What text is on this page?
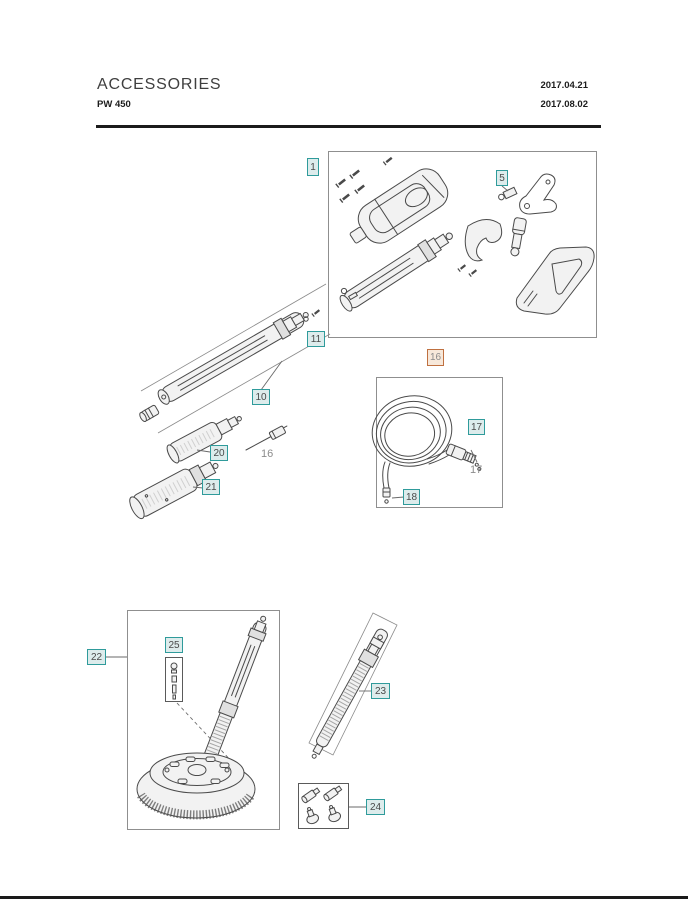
ACCESSORIES
PW 450
2017.04.21
2017.08.02
1
5
11
10
20
21
16
16
17
17
18
22
25
23
24
